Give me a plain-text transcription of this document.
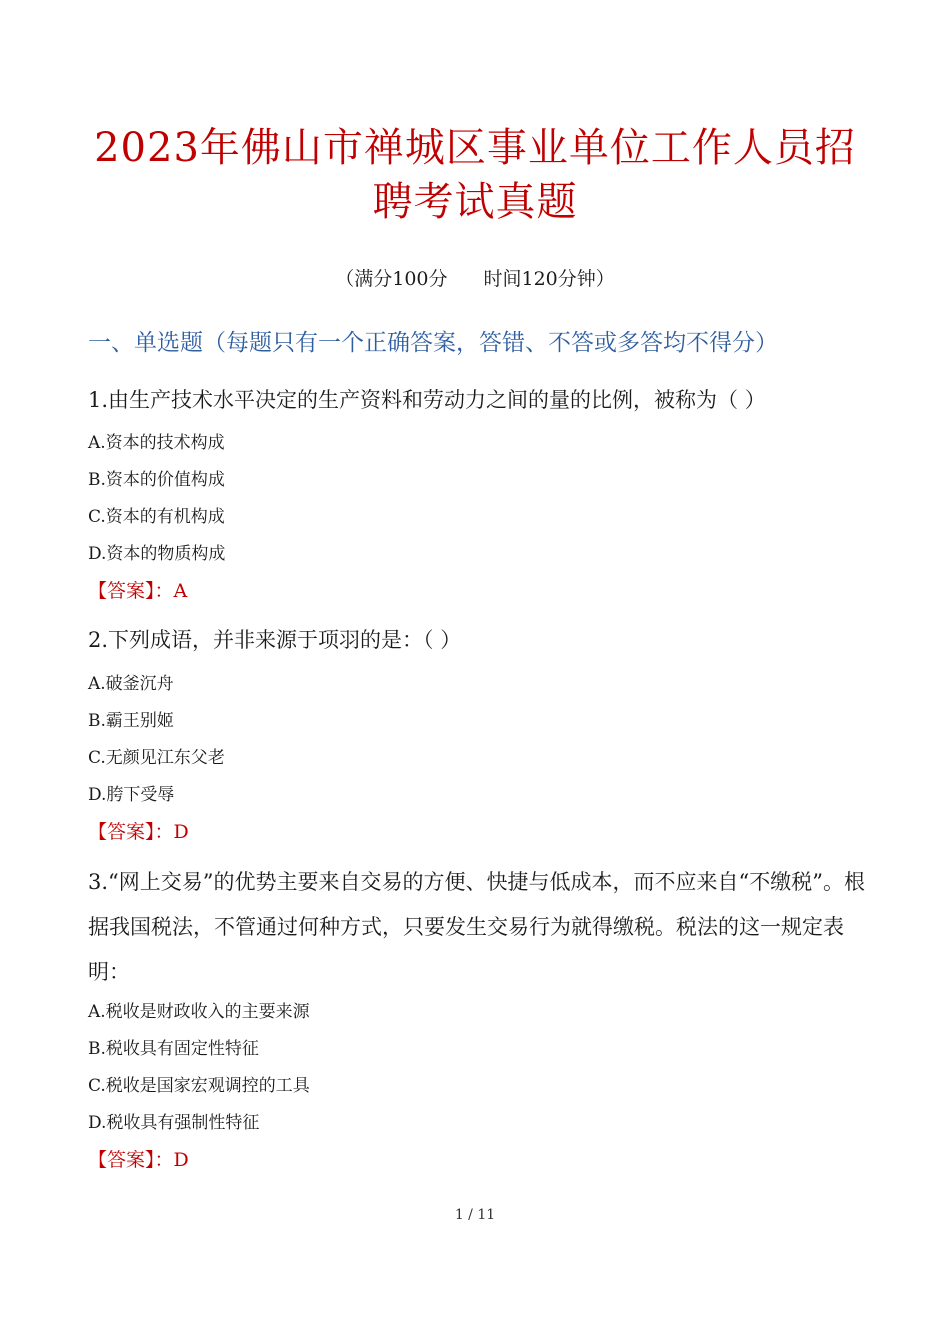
2023年佛山市禅城区事业单位工作人员招
聘考试真题
（满分100分 时间120分钟）
一、单选题（每题只有一个正确答案，答错、不答或多答均不得分）
1.由生产技术水平决定的生产资料和劳动力之间的量的比例，被称为（ ）
A.资本的技术构成
B.资本的价值构成
C.资本的有机构成
D.资本的物质构成
【答案】：A
2.下列成语，并非来源于项羽的是：（ ）
A.破釜沉舟
B.霸王别姬
C.无颜见江东父老
D.胯下受辱
【答案】：D
3.“网上交易”的优势主要来自交易的方便、快捷与低成本，而不应来自“不缴税”。根据我国税法，不管通过何种方式，只要发生交易行为就得缴税。税法的这一规定表明：
A.税收是财政收入的主要来源
B.税收具有固定性特征
C.税收是国家宏观调控的工具
D.税收具有强制性特征
【答案】：D
1 / 11
